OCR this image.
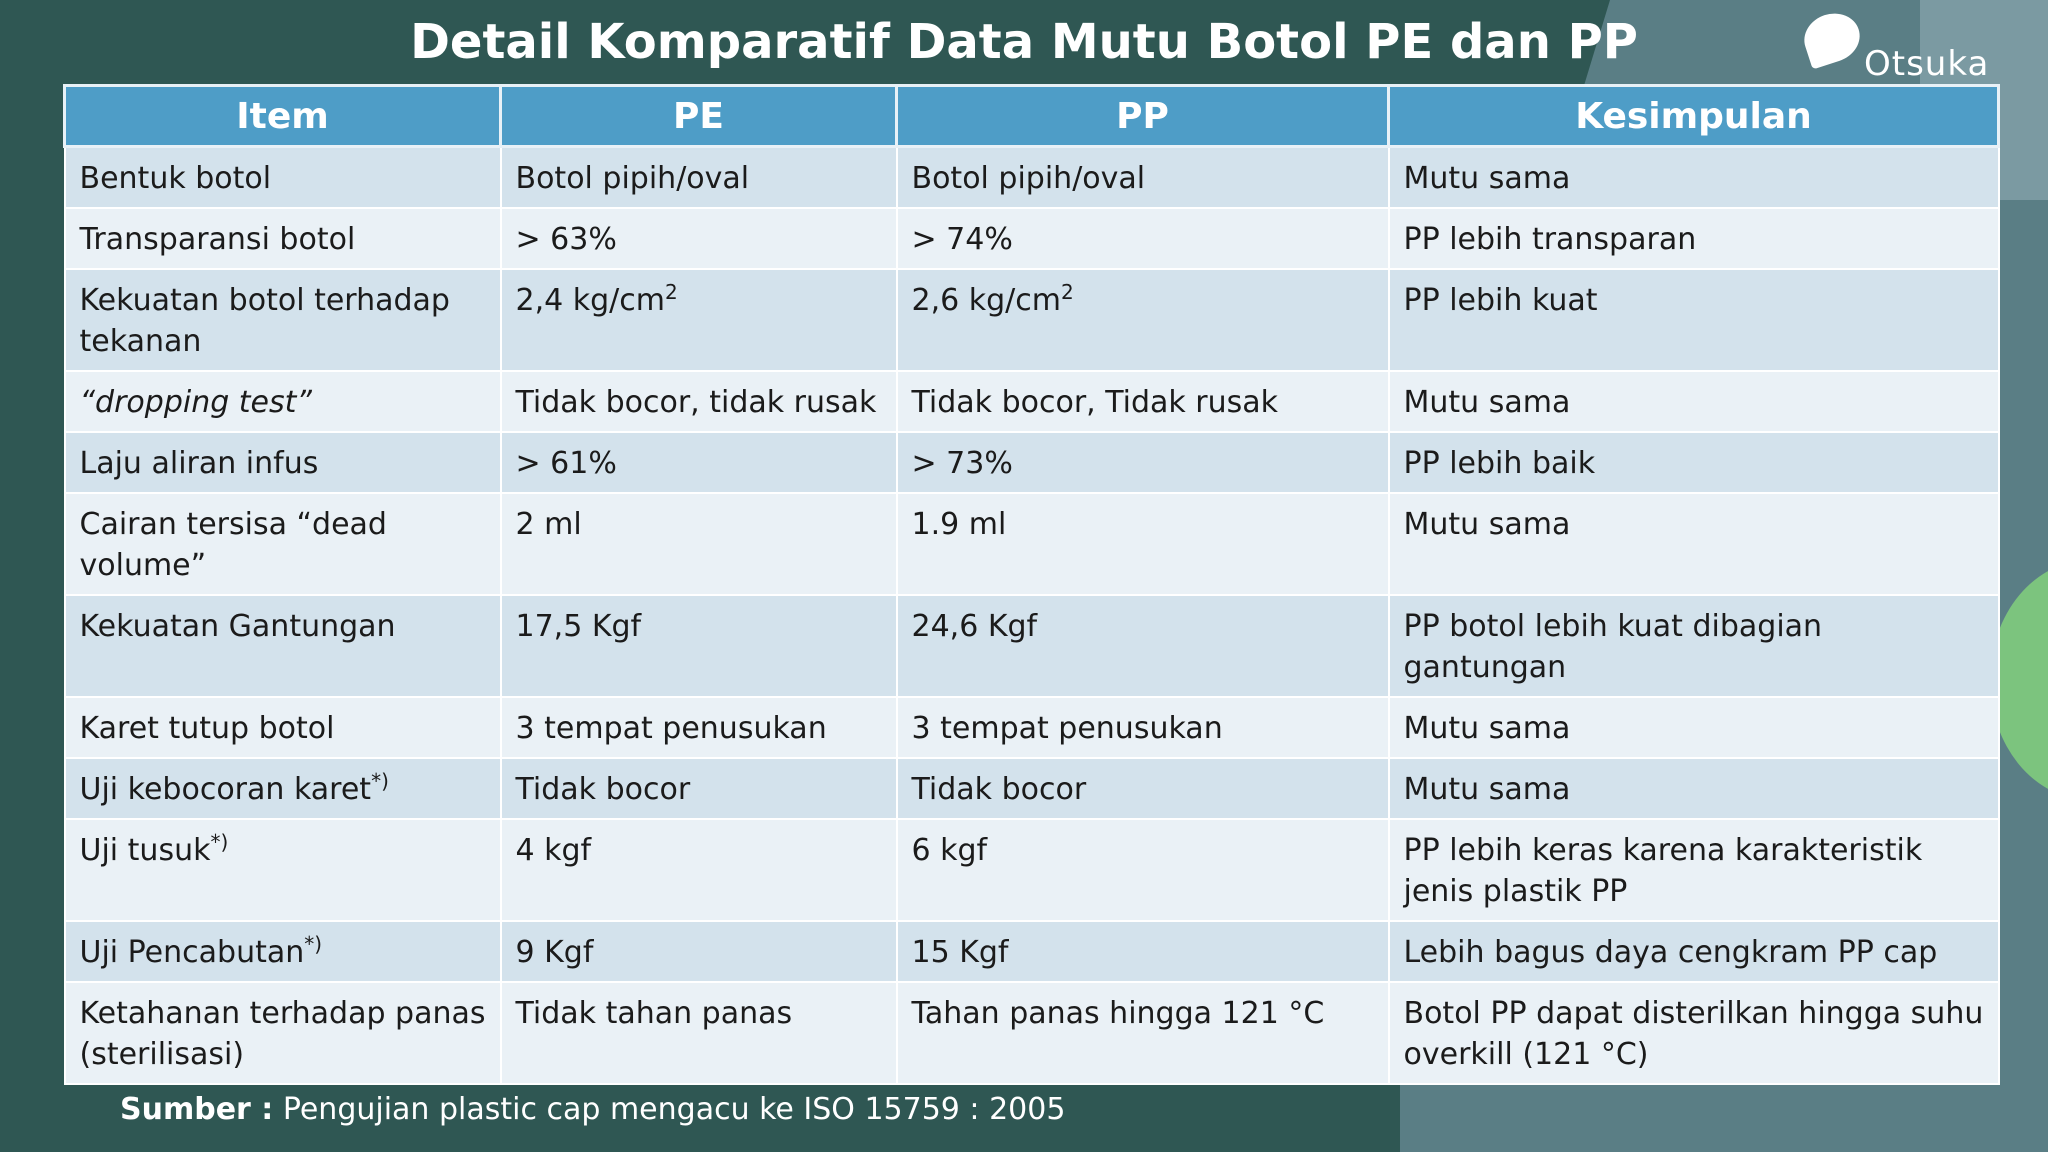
Detail Komparatif Data Mutu Botol PE dan PP	Otsuka
Item	PE	PP	Kesimpulan
Bentuk botol	Botol pipih/oval	Botol pipih/oval	Mutu sama
Transparansi botol	> 63%	> 74%	PP lebih transparan
Kekuatan botol terhadap tekanan	2,4 $kg/cm^2$	2,6 $kg/cm^2$	PP lebih kuat
“dropping test”	Tidak bocor, tidak rusak	Tidak bocor, Tidak rusak	Mutu sama
Laju aliran infus	> 61%	> 73%	PP lebih baik
Cairan tersisa “dead volume”	2 ml	1.9 ml	Mutu sama
Kekuatan Gantungan	17,5 Kgf	24,6 Kgf	PP botol lebih kuat dibagian gantungan
Karet tutup botol	3 tempat penusukan	3 tempat penusukan	Mutu sama
Uji kebocoran karet*)	Tidak bocor	Tidak bocor	Mutu sama
Uji tusuk*)	4 kgf	6 kgf	PP lebih keras karena karakteristik jenis plastik PP
Uji Pencabutan*)	9 Kgf	15 Kgf	Lebih bagus daya cengkram PP cap
Ketahanan terhadap panas (sterilisasi)	Tidak tahan panas	Tahan panas hingga 121 °C	Botol PP dapat disterilkan hingga suhu overkill (121 °C)
Sumber : Pengujian plastic cap mengacu ke ISO 15759 : 2005
